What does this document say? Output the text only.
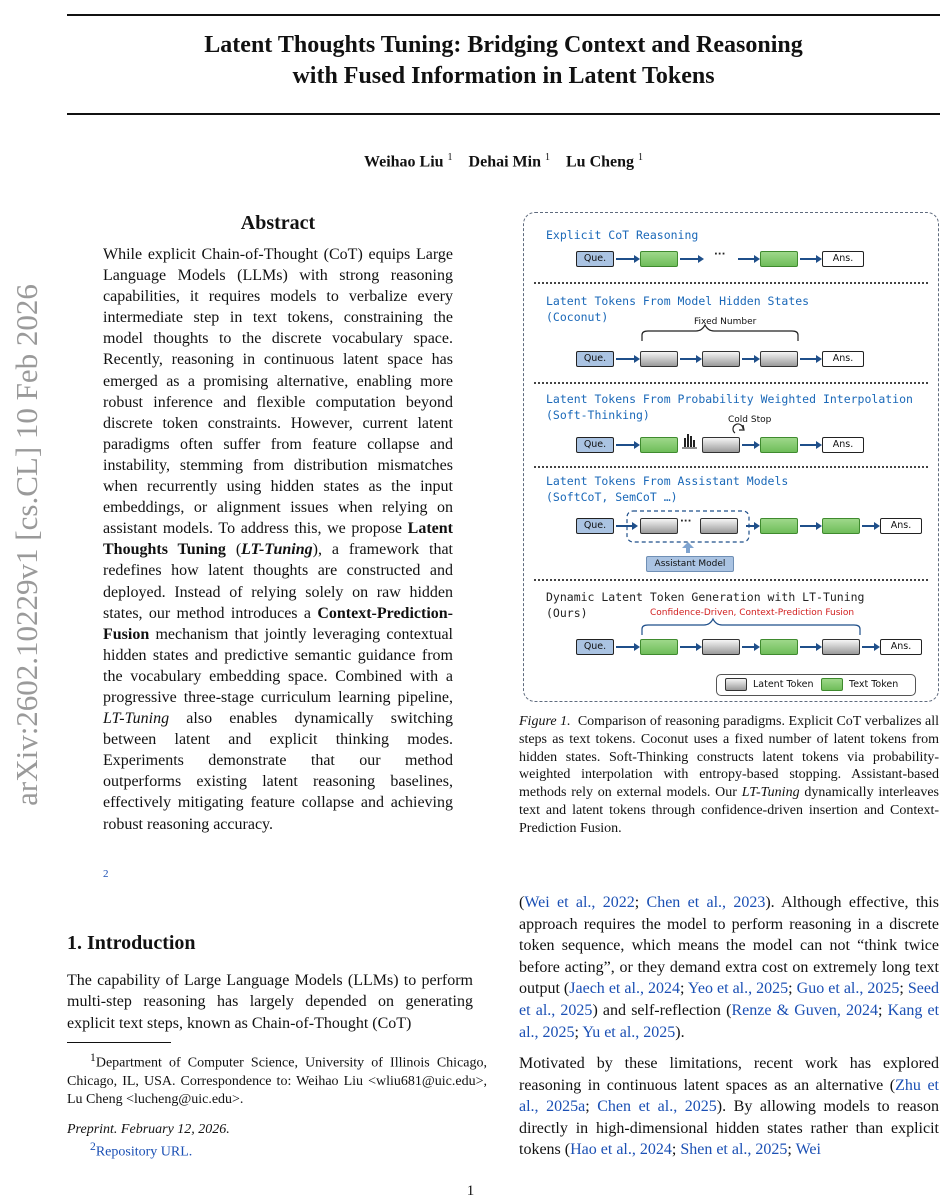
Latent Thoughts Tuning: Bridging Context and Reasoning
with Fused Information in Latent Tokens
Weihao Liu $^1$ Dehai Min $^1$ Lu Cheng $^1$
arXiv:2602.10229v1 [cs.CL] 10 Feb 2026
Abstract
While explicit Chain-of-Thought (CoT) equips Large Language Models (LLMs) with strong reasoning capabilities, it requires models to verbalize every intermediate step in text tokens, constraining the model thoughts to the discrete vocabulary space. Recently, reasoning in continuous latent space has emerged as a promising alternative, enabling more robust inference and flexible computation beyond discrete token constraints. However, current latent paradigms often suffer from feature collapse and instability, stemming from distribution mismatches when recurrently using hidden states as the input embeddings, or alignment issues when relying on assistant models. To address this, we propose Latent Thoughts Tuning (LT-Tuning), a framework that redefines how latent thoughts are constructed and deployed. Instead of relying solely on raw hidden states, our method introduces a Context-Prediction-Fusion mechanism that jointly leveraging contextual hidden states and predictive semantic guidance from the vocabulary embedding space. Combined with a progressive three-stage curriculum learning pipeline, LT-Tuning also enables dynamically switching between latent and explicit thinking modes. Experiments demonstrate that our method outperforms existing latent reasoning baselines, effectively mitigating feature collapse and achieving robust reasoning accuracy.
2
1. Introduction
The capability of Large Language Models (LLMs) to perform multi-step reasoning has largely depended on generating explicit text steps, known as Chain-of-Thought (CoT)
$^1$Department of Computer Science, University of Illinois Chicago, Chicago, IL, USA. Correspondence to: Weihao Liu <wliu681@uic.edu>, Lu Cheng <lucheng@uic.edu>.
Preprint. February 12, 2026.
$^2$Repository URL.
1
Explicit CoT Reasoning
Que.	···	Ans.
Latent Tokens From Model Hidden States
(Coconut)	Fixed Number
Que.	Ans.
Latent Tokens From Probability Weighted Interpolation
(Soft-Thinking)	Cold Stop
Que.	Ans.
Latent Tokens From Assistant Models
(SoftCoT, SemCoT …)
Que.	···	Ans.
Assistant Model
Dynamic Latent Token Generation with LT-Tuning
(Ours)	Confidence-Driven, Context-Prediction Fusion
Que.	Ans.
Latent Token	Text Token
Figure 1. Comparison of reasoning paradigms. Explicit CoT verbalizes all steps as text tokens. Coconut uses a fixed number of latent tokens from hidden states. Soft-Thinking constructs latent tokens via probability-weighted interpolation with entropy-based stopping. Assistant-based methods rely on external models. Our LT-Tuning dynamically interleaves text and latent tokens through confidence-driven insertion and Context-Prediction Fusion.
(Wei et al., 2022; Chen et al., 2023). Although effective, this approach requires the model to perform reasoning in a discrete token sequence, which means the model can not “think twice before acting”, or they demand extra cost on extremely long text output (Jaech et al., 2024; Yeo et al., 2025; Guo et al., 2025; Seed et al., 2025) and self-reflection (Renze & Guven, 2024; Kang et al., 2025; Yu et al., 2025).
Motivated by these limitations, recent work has explored reasoning in continuous latent spaces as an alternative (Zhu et al., 2025a; Chen et al., 2025). By allowing models to reason directly in high-dimensional hidden states rather than explicit tokens (Hao et al., 2024; Shen et al., 2025; Wei
